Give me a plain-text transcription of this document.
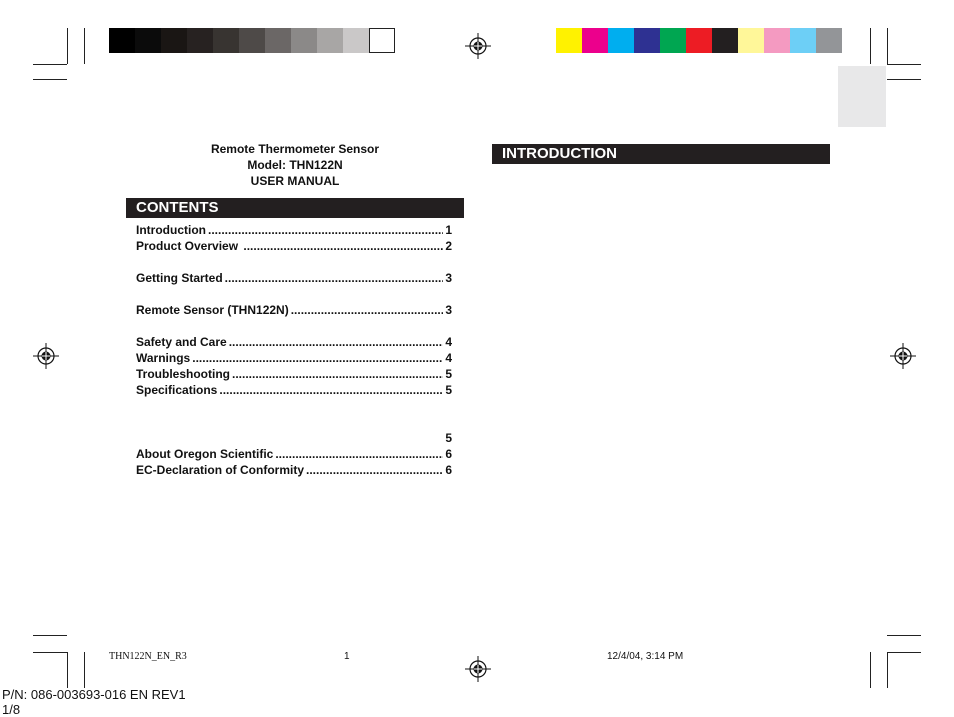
Remote Thermometer Sensor
Model: THN122N
USER MANUAL
CONTENTS
Introduction .....	1
Product Overview .....	2
Getting Started .....	3
Remote Sensor (THN122N) .....	3
Safety and Care .....	4
Warnings .....	4
Troubleshooting .....	5
Specifications .....	5
5
About Oregon Scientific .....	6
EC-Declaration of Conformity .....	6
INTRODUCTION
THN122N_EN_R3	1	12/4/04, 3:14 PM
P/N: 086-003693-016 EN REV1
1/8
